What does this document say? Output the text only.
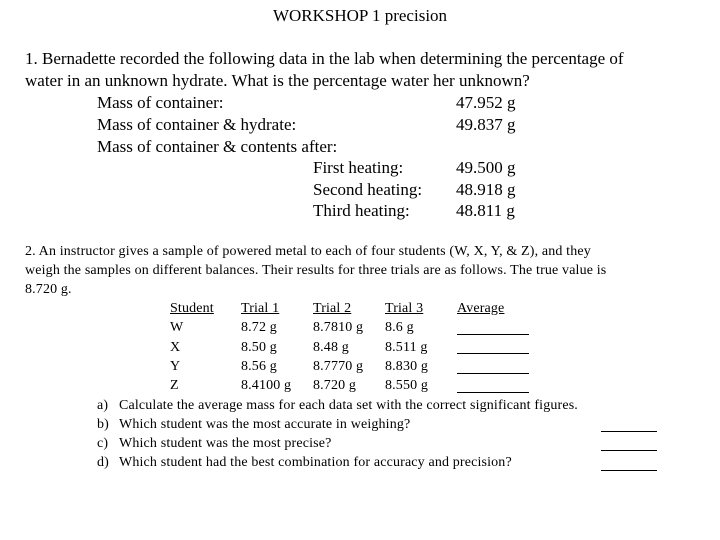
WORKSHOP 1 precision
1. Bernadette recorded the following data in the lab when determining the percentage of
water in an unknown hydrate. What is the percentage water her unknown?
Mass of container:	47.952 g
Mass of container & hydrate:	49.837 g
Mass of container & contents after:
First heating:	49.500 g
Second heating: 48.918 g
Third heating:	48.811 g
2. An instructor gives a sample of powered metal to each of four students (W, X, Y, & Z), and they
weigh the samples on different balances. Their results for three trials are as follows. The true value is
8.720 g.
Student Trial 1 Trial 2 Trial 3 Average
W	8.72 g	8.7810 g 8.6 g
X	8.50 g	8.48 g	8.511 g
Y	8.56 g	8.7770 g 8.830 g
Z	8.4100 g 8.720 g 8.550 g
a) Calculate the average mass for each data set with the correct significant figures.
b) Which student was the most accurate in weighing?
c) Which student was the most precise?
d) Which student had the best combination for accuracy and precision?
